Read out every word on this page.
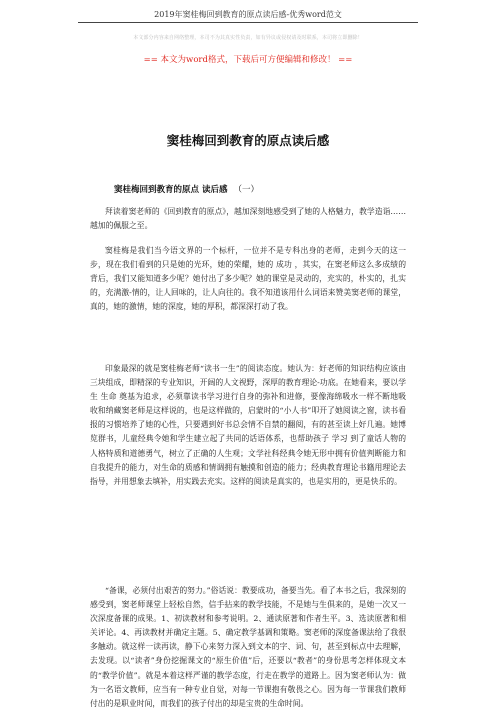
2019年窦桂梅回到教育的原点读后感-优秀word范文
本文部分内容来自网络整理，本司不为其真实性负责，如有异议或侵权请及时联系，本司将立即删除！
== 本文为word格式，下载后可方便编辑和修改！ ==
窦桂梅回到教育的原点读后感
窦桂梅回到教育的原点 读后感 （一）

拜读着窦老师的《回到教育的原点》，越加深刻地感受到了她的人格魅力，教学造诣……越加的佩服之至。

窦桂梅是我们当今语文界的一个标杆，一位并不是专科出身的老师，走到今天的这一步，现在我们看到的只是她的光环，她的荣耀，她的 成功 ，其实，在窦老师这么多成绩的背后，我们又能知道多少呢？她付出了多少呢？她的课堂是灵动的，充实的，朴实的，扎实的，充满激-情的，让人回味的，让人向往的。我不知道该用什么词语来赞美窦老师的课堂，真的，她的激情，她的深度，她的厚积，都深深打动了我。

印象最深的就是窦桂梅老师“读书一生”的阅读态度。她认为：好老师的知识结构应该由三块组成，即精深的专业知识，开阔的人文视野，深厚的教育理论-功底。在她看来，要以学生 生命 奠基为追求，必须靠读书学习进行自身的弥补和进修，要像海绵吸水一样不断地吸收和纳藏窦老师是这样说的，也是这样做的，启蒙时的“小人书”叩开了她阅读之窗，读书看报的习惯培养了她的心性，只要遇到好书总会情不自禁的翻阅，有的甚至读上好几遍。她博览群书，儿童经典令她和学生建立起了共同的话语体系，也帮助孩子 学习 到了童话人物的人格特质和道德勇气，树立了正确的人生观；文学社科经典令她无形中拥有价值判断能力和自我提升的能力，对生命的质感和情调拥有触摸和创造的能力；经典教育理论书籍用理论去指导，并用想象去填补，用实践去充实。这样的阅读是真实的，也是实用的，更是快乐的。

“备课，必须付出艰苦的努力。”俗话说：教要成功，备要当先。看了本书之后，我深刻的感受到，窦老师课堂上轻松自然，信手拈来的教学技能，不是她与生俱来的，是她一次又一次深度备课的成果。1、初读教材和参考说明。2、通读原著和作者生平。3、选读原著和相关评论。4、再读教材并确定主题。5、确定教学基调和策略。窦老师的深度备课法给了我很多触动。就这样一读再读，静下心来努力深入到文本的字、词、句，甚至到标点中去理解，去发现。以“读者”身份挖掘课文的“原生价值”后，还要以“教者”的身份思考怎样体现文本的“教学价值”。就是本着这样严谨的教学态度，行走在教学的道路上。因为窦老师认为：做为一名语文教师，应当有一种专业自觉，对每一节课抱有敬畏之心。因为每一节课我们教师付出的是职业时间，而我们的孩子付出的却是宝贵的生命时间。
